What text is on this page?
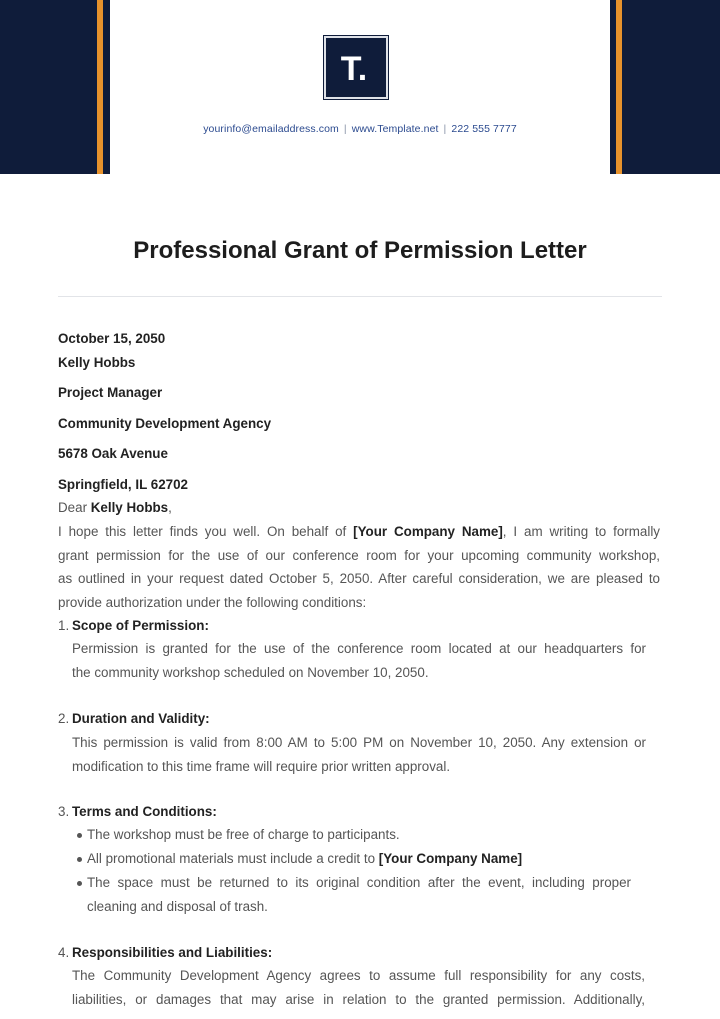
T.
yourinfo@emailaddress.com | www.Template.net | 222 555 7777
Professional Grant of Permission Letter
October 15, 2050
Kelly Hobbs
Project Manager
Community Development Agency
5678 Oak Avenue
Springfield, IL 62702
Dear Kelly Hobbs,
I hope this letter finds you well. On behalf of [Your Company Name], I am writing to formally
grant permission for the use of our conference room for your upcoming community workshop,
as outlined in your request dated October 5, 2050. After careful consideration, we are pleased to
provide authorization under the following conditions:
1. Scope of Permission:
Permission is granted for the use of the conference room located at our headquarters for
the community workshop scheduled on November 10, 2050.
2. Duration and Validity:
This permission is valid from 8:00 AM to 5:00 PM on November 10, 2050. Any extension or
modification to this time frame will require prior written approval.
3. Terms and Conditions:
The workshop must be free of charge to participants.
All promotional materials must include a credit to [Your Company Name]
The space must be returned to its original condition after the event, including proper
cleaning and disposal of trash.
4. Responsibilities and Liabilities:
The Community Development Agency agrees to assume full responsibility for any costs,
liabilities, or damages that may arise in relation to the granted permission. Additionally,
